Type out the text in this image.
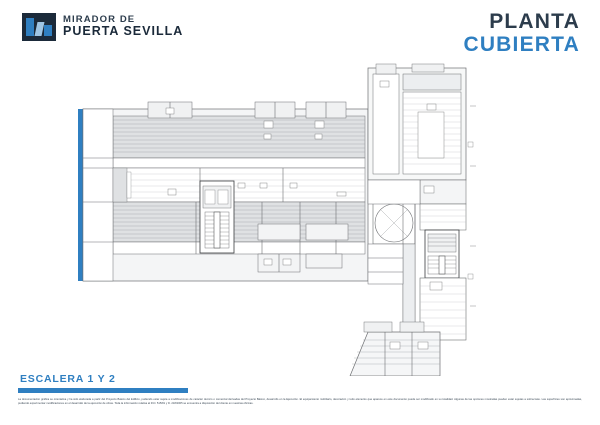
MIRADOR DE
PUERTA SEVILLA	PLANTA
CUBIERTA
ESCALERA 1 Y 2
La documentación gráfica se orientativa y ha sido elaborada a partir del Proyecto Básico del Edificio, pudiendo estar sujeta a modificaciones de carácter técnico o comercial derivadas del Proyecto Básico, desarrollo en la Ejecución. El equipamiento mobiliario, decoración y todo elemento que aparece en este documento puede ser modificado en su totalidad. Algunas de las opciones mostradas pueden estar sujetas a sobrecoste. Las superficies son aproximadas, pudiendo experimentar modificaciones en el desarrollo de la ejecución de obras. Toda la información relativa al R.D. 515/81 y D. 218/2005 se encuentra a disposición del cliente en nuestras oficinas.
